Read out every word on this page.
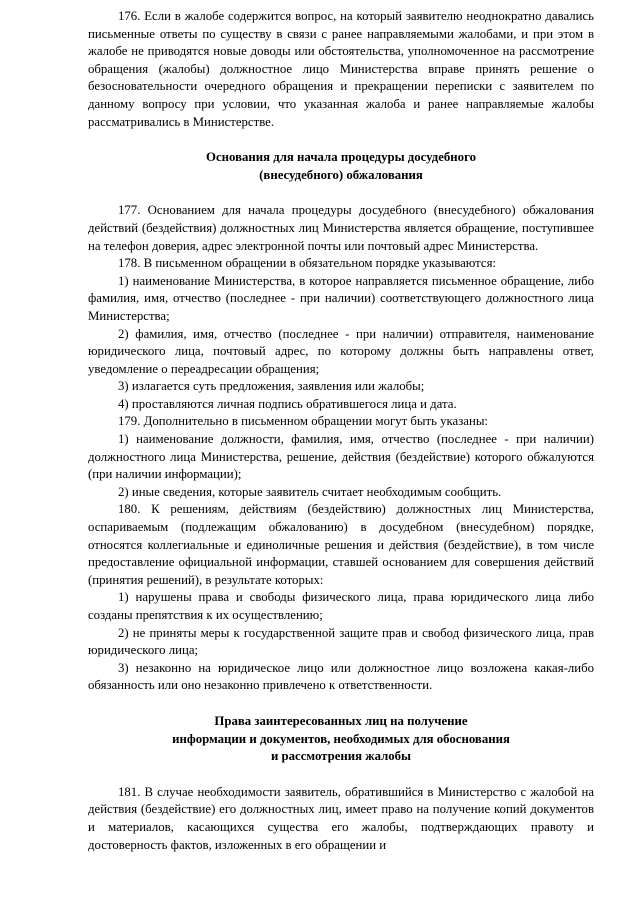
176. Если в жалобе содержится вопрос, на который заявителю неоднократно давались письменные ответы по существу в связи с ранее направляемыми жалобами, и при этом в жалобе не приводятся новые доводы или обстоятельства, уполномоченное на рассмотрение обращения (жалобы) должностное лицо Министерства вправе принять решение о безосновательности очередного обращения и прекращении переписки с заявителем по данному вопросу при условии, что указанная жалоба и ранее направляемые жалобы рассматривались в Министерстве.

Основания для начала процедуры досудебного

(внесудебного) обжалования

177. Основанием для начала процедуры досудебного (внесудебного) обжалования действий (бездействия) должностных лиц Министерства является обращение, поступившее на телефон доверия, адрес электронной почты или почтовый адрес Министерства.

178. В письменном обращении в обязательном порядке указываются:

1) наименование Министерства, в которое направляется письменное обращение, либо фамилия, имя, отчество (последнее - при наличии) соответствующего должностного лица Министерства;

2) фамилия, имя, отчество (последнее - при наличии) отправителя, наименование юридического лица, почтовый адрес, по которому должны быть направлены ответ, уведомление о переадресации обращения;

3) излагается суть предложения, заявления или жалобы;

4) проставляются личная подпись обратившегося лица и дата.

179. Дополнительно в письменном обращении могут быть указаны:

1) наименование должности, фамилия, имя, отчество (последнее - при наличии) должностного лица Министерства, решение, действия (бездействие) которого обжалуются (при наличии информации);

2) иные сведения, которые заявитель считает необходимым сообщить.

180. К решениям, действиям (бездействию) должностных лиц Министерства, оспариваемым (подлежащим обжалованию) в досудебном (внесудебном) порядке, относятся коллегиальные и единоличные решения и действия (бездействие), в том числе предоставление официальной информации, ставшей основанием для совершения действий (принятия решений), в результате которых:

1) нарушены права и свободы физического лица, права юридического лица либо созданы препятствия к их осуществлению;

2) не приняты меры к государственной защите прав и свобод физического лица, прав юридического лица;

3) незаконно на юридическое лицо или должностное лицо возложена какая-либо обязанность или оно незаконно привлечено к ответственности.

Права заинтересованных лиц на получение

информации и документов, необходимых для обоснования

и рассмотрения жалобы

181. В случае необходимости заявитель, обратившийся в Министерство с жалобой на действия (бездействие) его должностных лиц, имеет право на получение копий документов и материалов, касающихся существа его жалобы, подтверждающих правоту и достоверность фактов, изложенных в его обращении и
